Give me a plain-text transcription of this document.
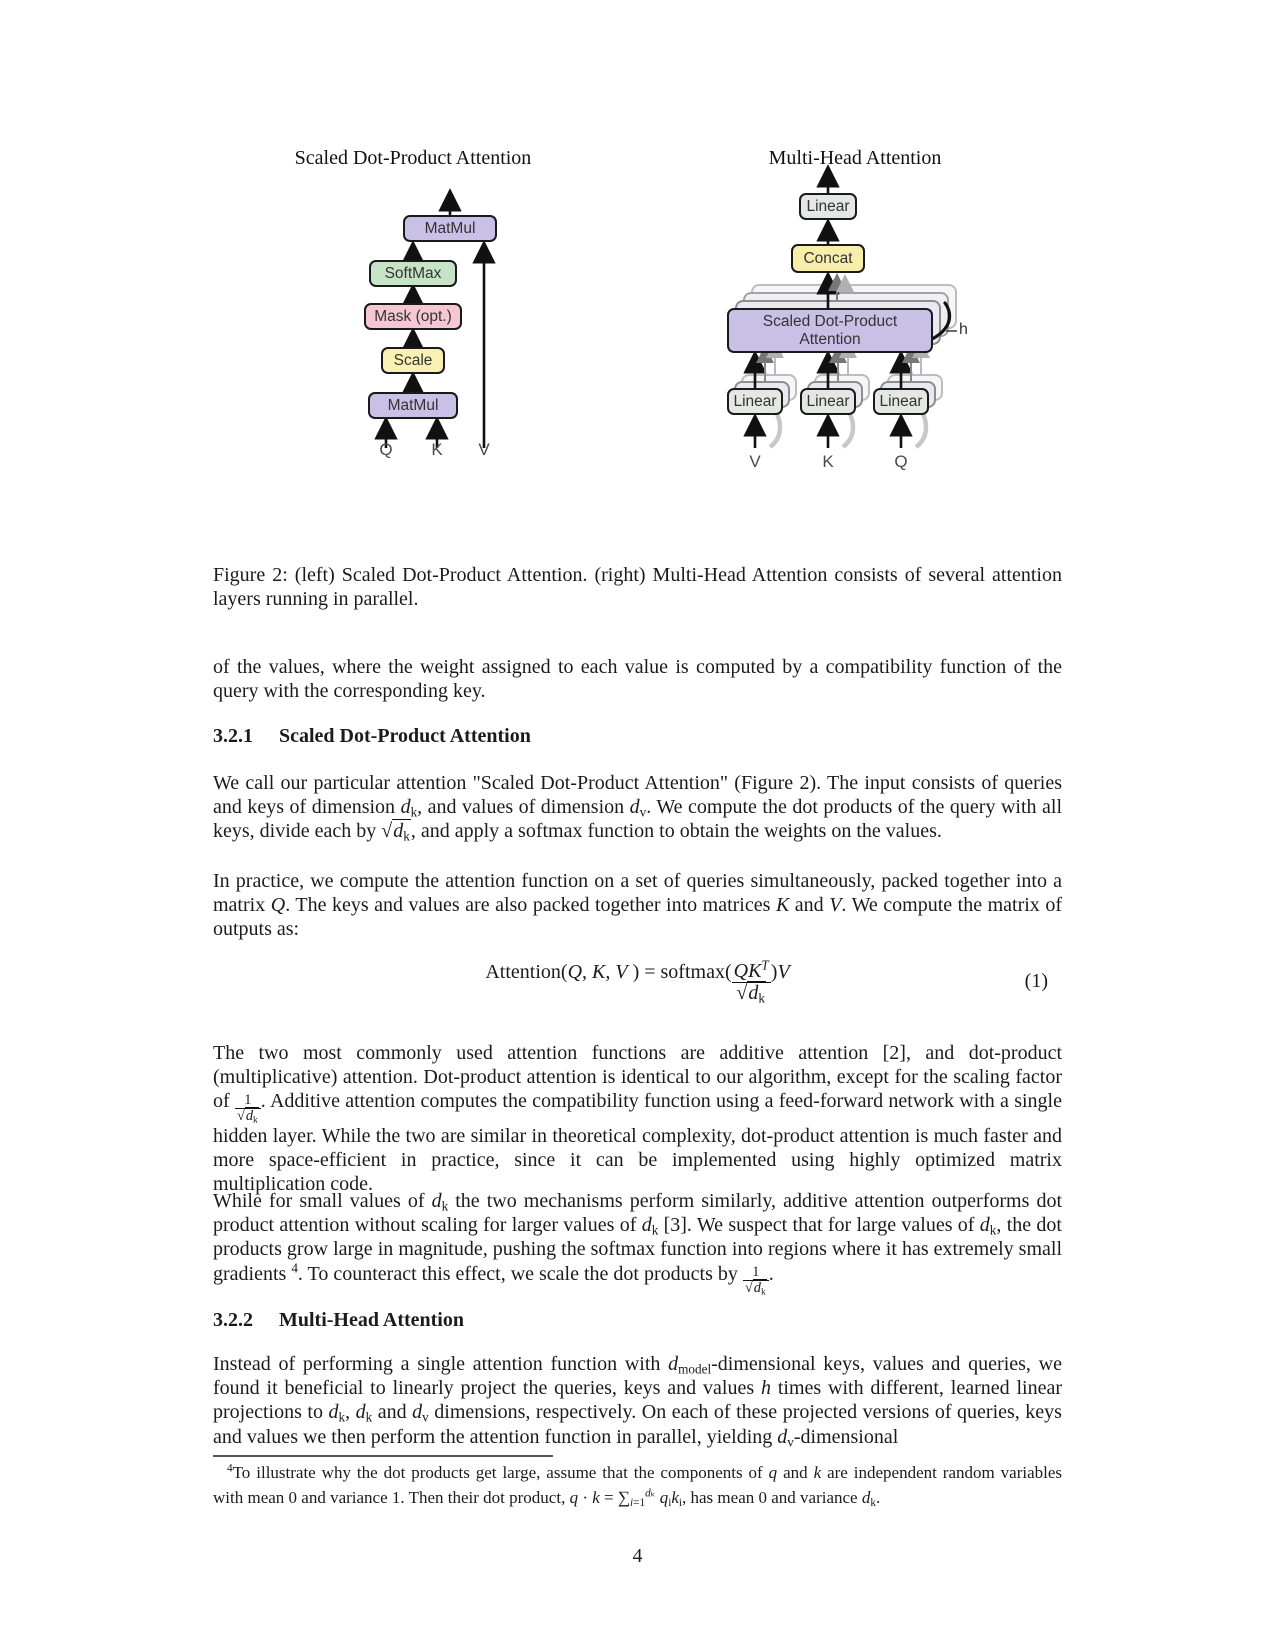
Scaled Dot-Product Attention
MatMul
SoftMax
Mask (opt.)
Scale
MatMul
Q	K	V
Multi-Head Attention
Linear
Concat
Scaled Dot-Product
Attention
Linear	Linear	Linear
V	K	Q
h

Figure 2: (left) Scaled Dot-Product Attention. (right) Multi-Head Attention consists of several attention layers running in parallel.

of the values, where the weight assigned to each value is computed by a compatibility function of the query with the corresponding key.

3.2.1 Scaled Dot-Product Attention

We call our particular attention "Scaled Dot-Product Attention" (Figure 2). The input consists of queries and keys of dimension $d_k$, and values of dimension $d_v$. We compute the dot products of the query with all keys, divide each by $√d_k$, and apply a softmax function to obtain the weights on the values.

In practice, we compute the attention function on a set of queries simultaneously, packed together into a matrix Q. The keys and values are also packed together into matrices K and V. We compute the matrix of outputs as:

Attention(Q, K, V ) = softmax( $\frac{QK^T}{√d_k} )V$	(1)

The two most commonly used attention functions are additive attention [2], and dot-product (multiplicative) attention. Dot-product attention is identical to our algorithm, except for the scaling factor of $\frac{1}{√d_k}$ . Additive attention computes the compatibility function using a feed-forward network with a single hidden layer. While the two are similar in theoretical complexity, dot-product attention is much faster and more space-efficient in practice, since it can be implemented using highly optimized matrix multiplication code.

While for small values of $d_k$ the two mechanisms perform similarly, additive attention outperforms dot product attention without scaling for larger values of $d_k$ [3]. We suspect that for large values of $d_k$, the dot products grow large in magnitude, pushing the softmax function into regions where it has extremely small gradients $^4$. To counteract this effect, we scale the dot products by $\frac{1}{√d_k}$ .

3.2.2 Multi-Head Attention

Instead of performing a single attention function with $d_{model}$-dimensional keys, values and queries, we found it beneficial to linearly project the queries, keys and values h times with different, learned linear projections to $d_k$, $d_k$ and $d_v$ dimensions, respectively. On each of these projected versions of queries, keys and values we then perform the attention function in parallel, yielding $d_v$-dimensional

$^4$To illustrate why the dot products get large, assume that the components of q and k are independent random variables with mean 0 and variance 1. Then their dot product, $q \cdot k = \sum_{i=1}^{d_k}$ $q_ik_i$, has mean 0 and variance $d_k$.

4
